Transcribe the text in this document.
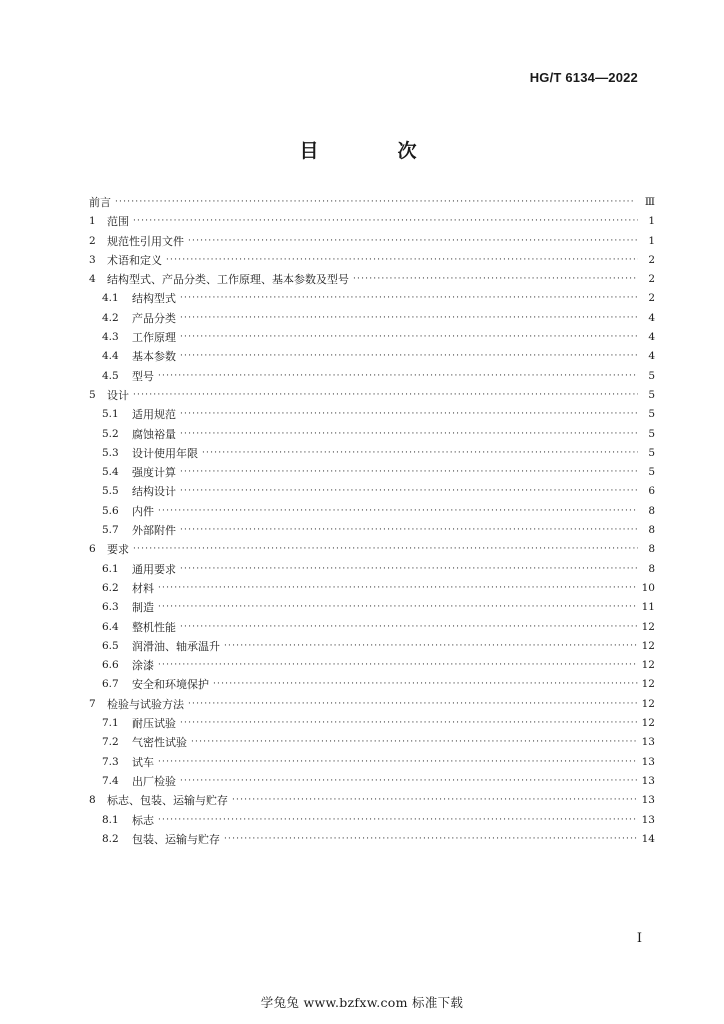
HG/T 6134—2022
目　次
前言 ·····	Ⅲ
1	范围 ·····	1
2	规范性引用文件 ·····	1
3	术语和定义 ·····	2
4	结构型式、产品分类、工作原理、基本参数及型号 ·····	2
4.1	结构型式 ·····	2
4.2	产品分类 ·····	4
4.3	工作原理 ·····	4
4.4	基本参数 ·····	4
4.5	型号 ·····	5
5	设计 ·····	5
5.1	适用规范 ·····	5
5.2	腐蚀裕量 ·····	5
5.3	设计使用年限 ·····	5
5.4	强度计算 ·····	5
5.5	结构设计 ·····	6
5.6	内件 ·····	8
5.7	外部附件 ·····	8
6	要求 ·····	8
6.1	通用要求 ·····	8
6.2	材料 ·····	10
6.3	制造 ·····	11
6.4	整机性能 ·····	12
6.5	润滑油、轴承温升 ·····	12
6.6	涂漆 ·····	12
6.7	安全和环境保护 ·····	12
7	检验与试验方法 ·····	12
7.1	耐压试验 ·····	12
7.2	气密性试验 ·····	13
7.3	试车 ·····	13
7.4	出厂检验 ·····	13
8	标志、包装、运输与贮存 ·····	13
8.1	标志 ·····	13
8.2	包装、运输与贮存 ·····	14
Ⅰ
学兔兔 www.bzfxw.com 标准下载
